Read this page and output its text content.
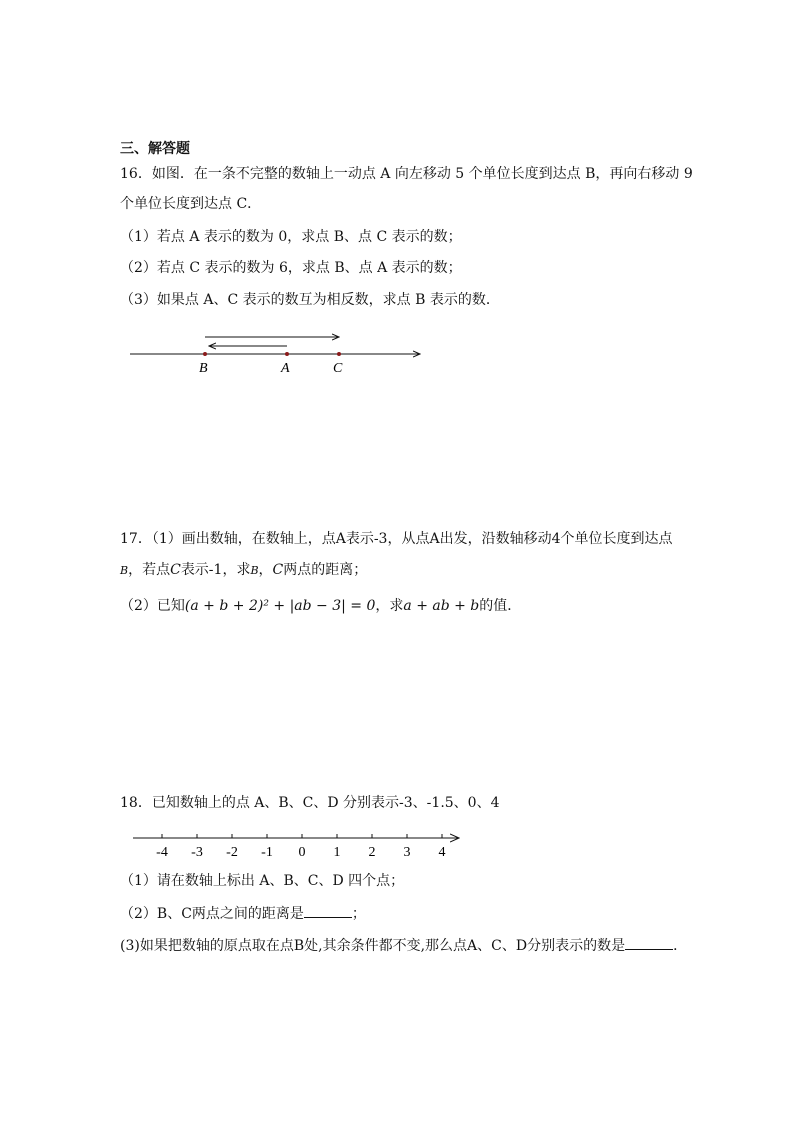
三、解答题
16．如图．在一条不完整的数轴上一动点 A 向左移动 5 个单位长度到达点 B，再向右移动 9
个单位长度到达点 C．
（1）若点 A 表示的数为 0，求点 B、点 C 表示的数；
（2）若点 C 表示的数为 6，求点 B、点 A 表示的数；
（3）如果点 A、C 表示的数互为相反数，求点 B 表示的数．
B	A	C
17．（1）画出数轴，在数轴上，点A表示-3，从点A出发，沿数轴移动4个单位长度到达点
B，若点C表示-1，求B，C两点的距离；
（2）已知(a + b + 2)² + |ab − 3| = 0，求a + ab + b的值．
18．已知数轴上的点 A、B、C、D 分别表示-3、-1.5、0、4
-4 -3 -2 -1 0 1 2 3 4
（1）请在数轴上标出 A、B、C、D 四个点；
（2）B、C两点之间的距离是	；
(3)如果把数轴的原点取在点B处,其余条件都不变,那么点A、C、D分别表示的数是	．
